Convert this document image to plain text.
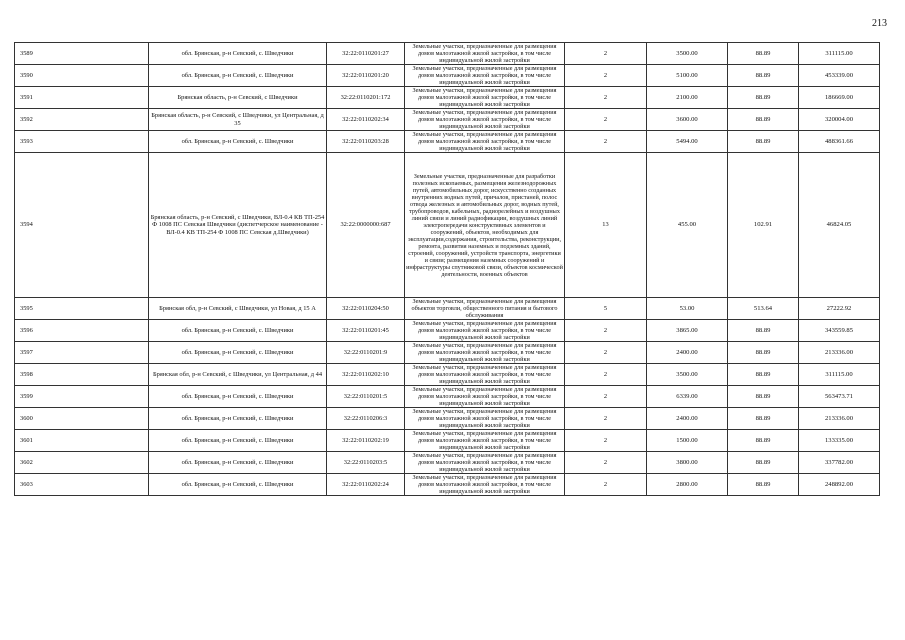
213
3589	обл. Брянская, р-н Севский, с. Шведчики	32:22:0110201:27	Земельные участки, предназначенные для размещения домов малоэтажной жилой застройки, в том числе индивидуальной жилой застройки	2	3500.00	88.89	311115.00
3590	обл. Брянская, р-н Севский, с. Шведчики	32:22:0110201:20	Земельные участки, предназначенные для размещения домов малоэтажной жилой застройки, в том числе индивидуальной жилой застройки	2	5100.00	88.89	453339.00
3591	Брянская область, р-н Севский, с Шведчики	32:22:0110201:172	Земельные участки, предназначенные для размещения домов малоэтажной жилой застройки, в том числе индивидуальной жилой застройки	2	2100.00	88.89	186669.00
3592	Брянская область, р-н Севский, с Шведчики, ул Центральная, д 35	32:22:0110202:34	Земельные участки, предназначенные для размещения домов малоэтажной жилой застройки, в том числе индивидуальной жилой застройки	2	3600.00	88.89	320004.00
3593	обл. Брянская, р-н Севский, с. Шведчики	32:22:0110203:28	Земельные участки, предназначенные для размещения домов малоэтажной жилой застройки, в том числе индивидуальной жилой застройки	2	5494.00	88.89	488361.66
3594	Брянская область, р-н Севский, с Шведчики, ВЛ-0.4 КВ ТП-254 Ф 1008 ПС Севская Шведчики (диспетчерское наименование - ВЛ-0.4 КВ ТП-254 Ф 1008 ПС Севская д.Шведчики)	32:22:0000000:687	Земельные участки, предназначенные для разработки полезных ископаемых, размещения железнодорожных путей, автомобильных дорог, искусственно созданных внутренних водных путей, причалов, пристаней, полос отвода железных и автомобильных дорог, водных путей, трубопроводов, кабельных, радиорелейных и воздушных линий связи и линий радиофикации, воздушных линий электропередачи конструктивных элементов и сооружений, объектов, необходимых для эксплуатации,содержания, строительства, реконструкции, ремонта, развития наземных и подземных зданий, строений, сооружений, устройств транспорта, энергетики и связи; размещения наземных сооружений и инфраструктуры спутниковой связи, объектов космической деятельности, военных объектов	13	455.00	102.91	46824.05
3595	Брянская обл, р-н Севский, с Шведчики, ул Новая, д 15 А	32:22:0110204:50	Земельные участки, предназначенные для размещения объектов торговли, общественного питания и бытового обслуживания	5	53.00	513.64	27222.92
3596	обл. Брянская, р-н Севский, с. Шведчики	32:22:0110201:45	Земельные участки, предназначенные для размещения домов малоэтажной жилой застройки, в том числе индивидуальной жилой застройки	2	3865.00	88.89	343559.85
3597	обл. Брянская, р-н Севский, с. Шведчики	32:22:0110201:9	Земельные участки, предназначенные для размещения домов малоэтажной жилой застройки, в том числе индивидуальной жилой застройки	2	2400.00	88.89	213336.00
3598	Брянская обл, р-н Севский, с Шведчики, ул Центральная, д 44	32:22:0110202:10	Земельные участки, предназначенные для размещения домов малоэтажной жилой застройки, в том числе индивидуальной жилой застройки	2	3500.00	88.89	311115.00
3599	обл. Брянская, р-н Севский, с. Шведчики	32:22:0110201:5	Земельные участки, предназначенные для размещения домов малоэтажной жилой застройки, в том числе индивидуальной жилой застройки	2	6339.00	88.89	563473.71
3600	обл. Брянская, р-н Севский, с. Шведчики	32:22:0110206:3	Земельные участки, предназначенные для размещения домов малоэтажной жилой застройки, в том числе индивидуальной жилой застройки	2	2400.00	88.89	213336.00
3601	обл. Брянская, р-н Севский, с. Шведчики	32:22:0110202:19	Земельные участки, предназначенные для размещения домов малоэтажной жилой застройки, в том числе индивидуальной жилой застройки	2	1500.00	88.89	133335.00
3602	обл. Брянская, р-н Севский, с. Шведчики	32:22:0110203:5	Земельные участки, предназначенные для размещения домов малоэтажной жилой застройки, в том числе индивидуальной жилой застройки	2	3800.00	88.89	337782.00
3603	обл. Брянская, р-н Севский, с. Шведчики	32:22:0110202:24	Земельные участки, предназначенные для размещения домов малоэтажной жилой застройки, в том числе индивидуальной жилой застройки	2	2800.00	88.89	248892.00
